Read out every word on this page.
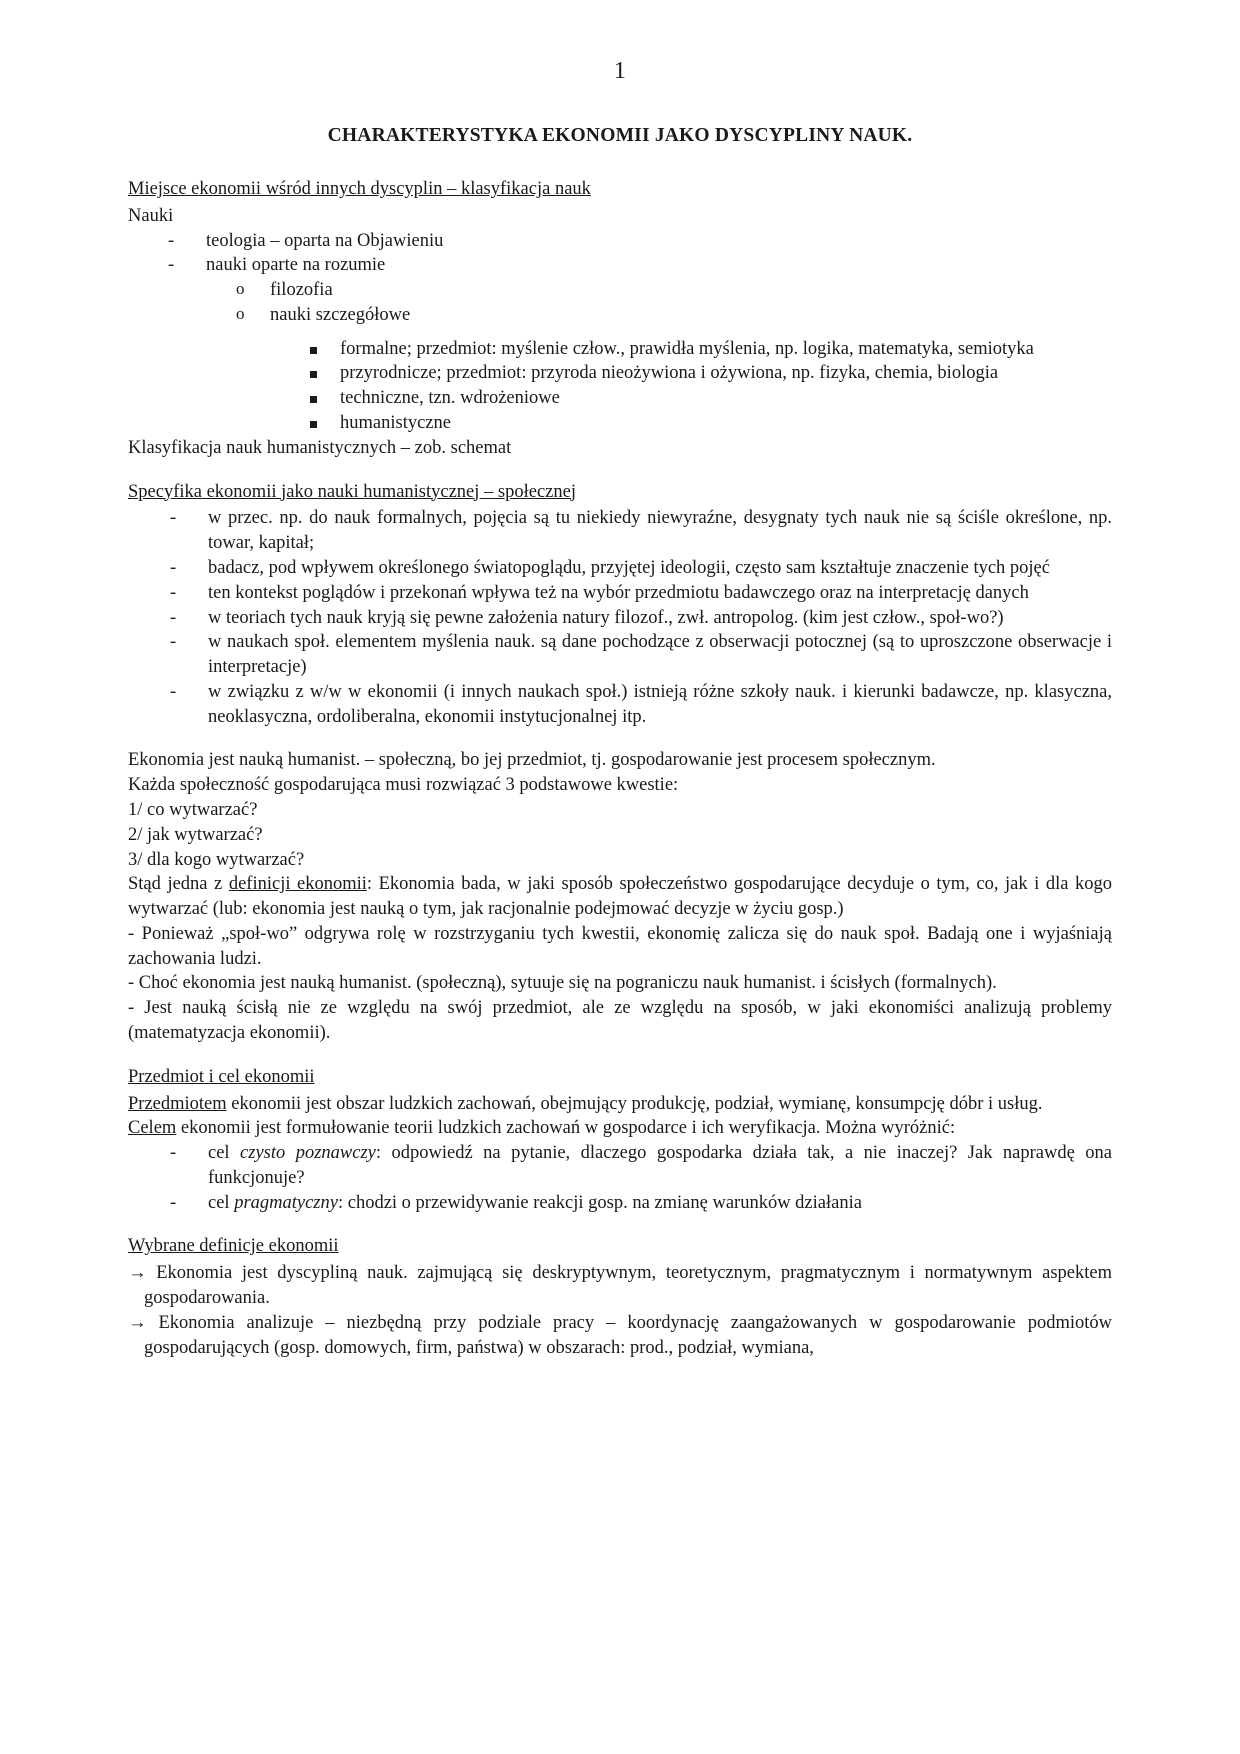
1
CHARAKTERYSTYKA EKONOMII JAKO DYSCYPLINY NAUK.
Miejsce ekonomii wśród innych dyscyplin – klasyfikacja nauk

Nauki

- teologia – oparta na Objawieniu
- nauki oparte na rozumie
o filozofia
o nauki szczegółowe
formalne; przedmiot: myślenie człow., prawidła myślenia, np. logika, matematyka, semiotyka
przyrodnicze; przedmiot: przyroda nieożywiona i ożywiona, np. fizyka, chemia, biologia
techniczne, tzn. wdrożeniowe
humanistyczne

Klasyfikacja nauk humanistycznych – zob. schemat

Specyfika ekonomii jako nauki humanistycznej – społecznej
- w przec. np. do nauk formalnych, pojęcia są tu niekiedy niewyraźne, desygnaty tych nauk nie są ściśle określone, np. towar, kapitał;
- badacz, pod wpływem określonego światopoglądu, przyjętej ideologii, często sam kształtuje znaczenie tych pojęć
- ten kontekst poglądów i przekonań wpływa też na wybór przedmiotu badawczego oraz na interpretację danych
- w teoriach tych nauk kryją się pewne założenia natury filozof., zwł. antropolog. (kim jest człow., społ-wo?)
- w naukach społ. elementem myślenia nauk. są dane pochodzące z obserwacji potocznej (są to uproszczone obserwacje i interpretacje)
- w związku z w/w w ekonomii (i innych naukach społ.) istnieją różne szkoły nauk. i kierunki badawcze, np. klasyczna, neoklasyczna, ordoliberalna, ekonomii instytucjonalnej itp.

Ekonomia jest nauką humanist. – społeczną, bo jej przedmiot, tj. gospodarowanie jest procesem społecznym.

Każda społeczność gospodarująca musi rozwiązać 3 podstawowe kwestie:

1/ co wytwarzać?

2/ jak wytwarzać?

3/ dla kogo wytwarzać?

Stąd jedna z definicji ekonomii: Ekonomia bada, w jaki sposób społeczeństwo gospodarujące decyduje o tym, co, jak i dla kogo wytwarzać (lub: ekonomia jest nauką o tym, jak racjonalnie podejmować decyzje w życiu gosp.)

- Ponieważ „społ-wo” odgrywa rolę w rozstrzyganiu tych kwestii, ekonomię zalicza się do nauk społ. Badają one i wyjaśniają zachowania ludzi.

- Choć ekonomia jest nauką humanist. (społeczną), sytuuje się na pograniczu nauk humanist. i ścisłych (formalnych).

- Jest nauką ścisłą nie ze względu na swój przedmiot, ale ze względu na sposób, w jaki ekonomiści analizują problemy (matematyzacja ekonomii).

Przedmiot i cel ekonomii

Przedmiotem ekonomii jest obszar ludzkich zachowań, obejmujący produkcję, podział, wymianę, konsumpcję dóbr i usług.

Celem ekonomii jest formułowanie teorii ludzkich zachowań w gospodarce i ich weryfikacja. Można wyróżnić:

- cel czysto poznawczy: odpowiedź na pytanie, dlaczego gospodarka działa tak, a nie inaczej? Jak naprawdę ona funkcjonuje?
- cel pragmatyczny: chodzi o przewidywanie reakcji gosp. na zmianę warunków działania
Wybrane definicje ekonomii

→ Ekonomia jest dyscypliną nauk. zajmującą się deskryptywnym, teoretycznym, pragmatycznym i normatywnym aspektem gospodarowania.

→ Ekonomia analizuje – niezbędną przy podziale pracy – koordynację zaangażowanych w gospodarowanie podmiotów gospodarujących (gosp. domowych, firm, państwa) w obszarach: prod., podział, wymiana,
